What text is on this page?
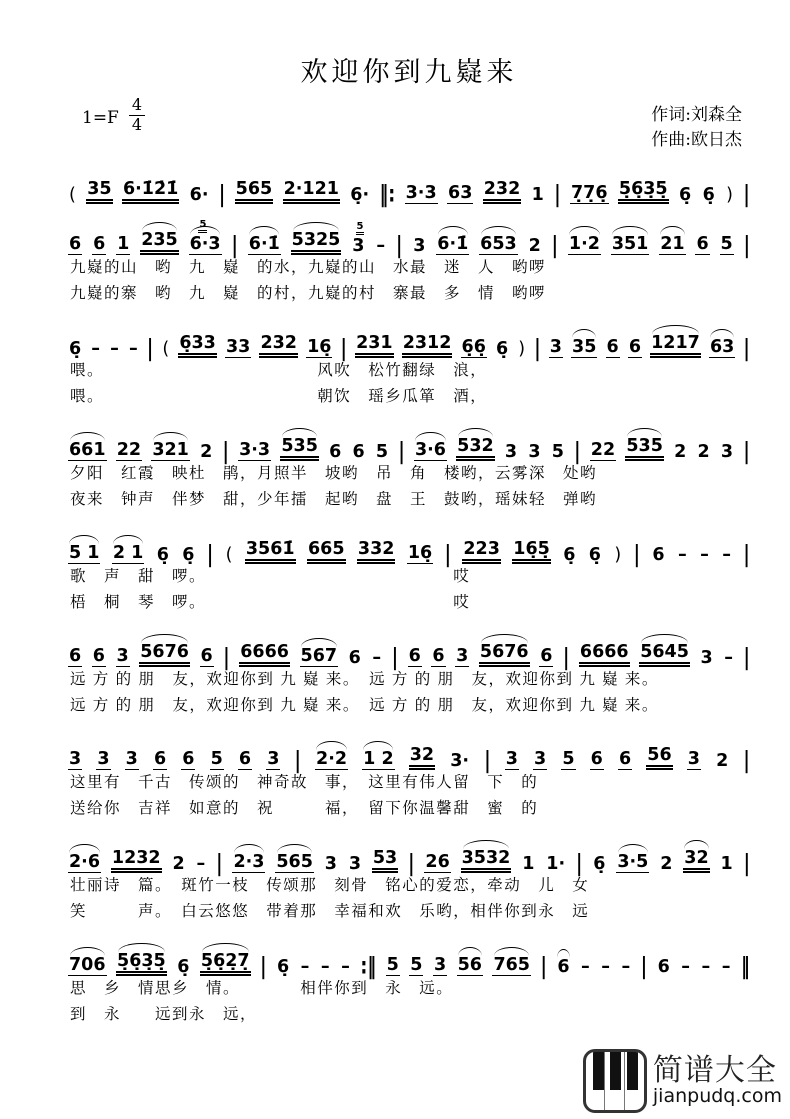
欢迎你到九嶷来
$1=F \frac{4}{4}$	作词:刘森全
作曲:欧日杰
( 35 6·1̇2̇1̇ 6· | 565 2·121 6̣· ‖: 3·3 63 232 1 | 7̣7̣6̣ 5̣6̣3̣5̣ 6̣ 6̣ ) |
6 6 1 235 6·3
5
| 6·1̇ 5325 3
5
– | 3 6·1̇ 653 2 | 1·2 351 21 6 5 |
九嶷的山　哟　九　嶷　的水，九嶷的山　水最　迷　人　哟啰
九嶷的寨　哟　九　嶷　的村，九嶷的村　寨最　多　情　哟啰
6̣ – – – | ( 6̣33 33 232 16̣ | 231 2312 6̣6̣ 6̣ ) | 3 35 6 6 1217 63 |
喂。　　　　　　　　　　　　　风吹　松竹翻绿　浪，
喂。　　　　　　　　　　　　　朝饮　瑶乡瓜箪　酒，
661 22 321 2 | 3·3 535 6 6 5 | 3·6 532 3 3 5 | 22 535 2 2 3 |
夕阳　红霞　映杜　鹃，月照半　坡哟　吊　角　楼哟，云雾深　处哟
夜来　钟声　伴梦　甜，少年擂　起哟　盘　王　鼓哟，瑶妹轻　弹哟
5 1 2 1 6̣ 6̣ | ( 3561̇ 665 332 16̣ | 223 16̣5̣ 6̣ 6̣ ) | 6 – – – |
歌　声　甜　啰。　　　　　　　　　　　　　　　哎
梧　桐　琴　啰。　　　　　　　　　　　　　　　哎
6 6 3 5676 6 | 6666 567 6 – | 6 6 3 5676 6 | 6666 5645 3 – |
远 方 的 朋　友，欢迎你到 九 嶷 来。　远 方 的 朋　友，欢迎你到 九 嶷 来。
远 方 的 朋　友，欢迎你到 九 嶷 来。　远 方 的 朋　友，欢迎你到 九 嶷 来。
3 3 3 6 6 5 6 3 | 2·2 1 2 32 3· | 3 3 5 6 6 56 3 2 |
这里有　千古　传颂的　神奇故　事，　这里有伟人留　下　的
送给你　吉祥　如意的　祝　　　福，　留下你温馨甜　蜜　的
2·6 1232 2 – | 2·3 565 3 3 53 | 26 3532 1 1· | 6̣ 3·5 2 32 1 |
壮丽诗　篇。　斑竹一枝　传颂那　刻骨　铭心的爱恋，牵动　儿　女
笑　　　声。　白云悠悠　带着那　幸福和欢　乐哟，相伴你到永　远
706 5̣6̣3̣5̣ 6̣ 5̣6̣2̣7̣ | 6̣ – – – :‖ 5 5 3 56 765 | 6 – – – | 6 – – – ‖
思　乡　情思乡　情。　　　　相伴你到　永　远。
到　永　　远到永　远，
简谱大全
jianpudq.com
